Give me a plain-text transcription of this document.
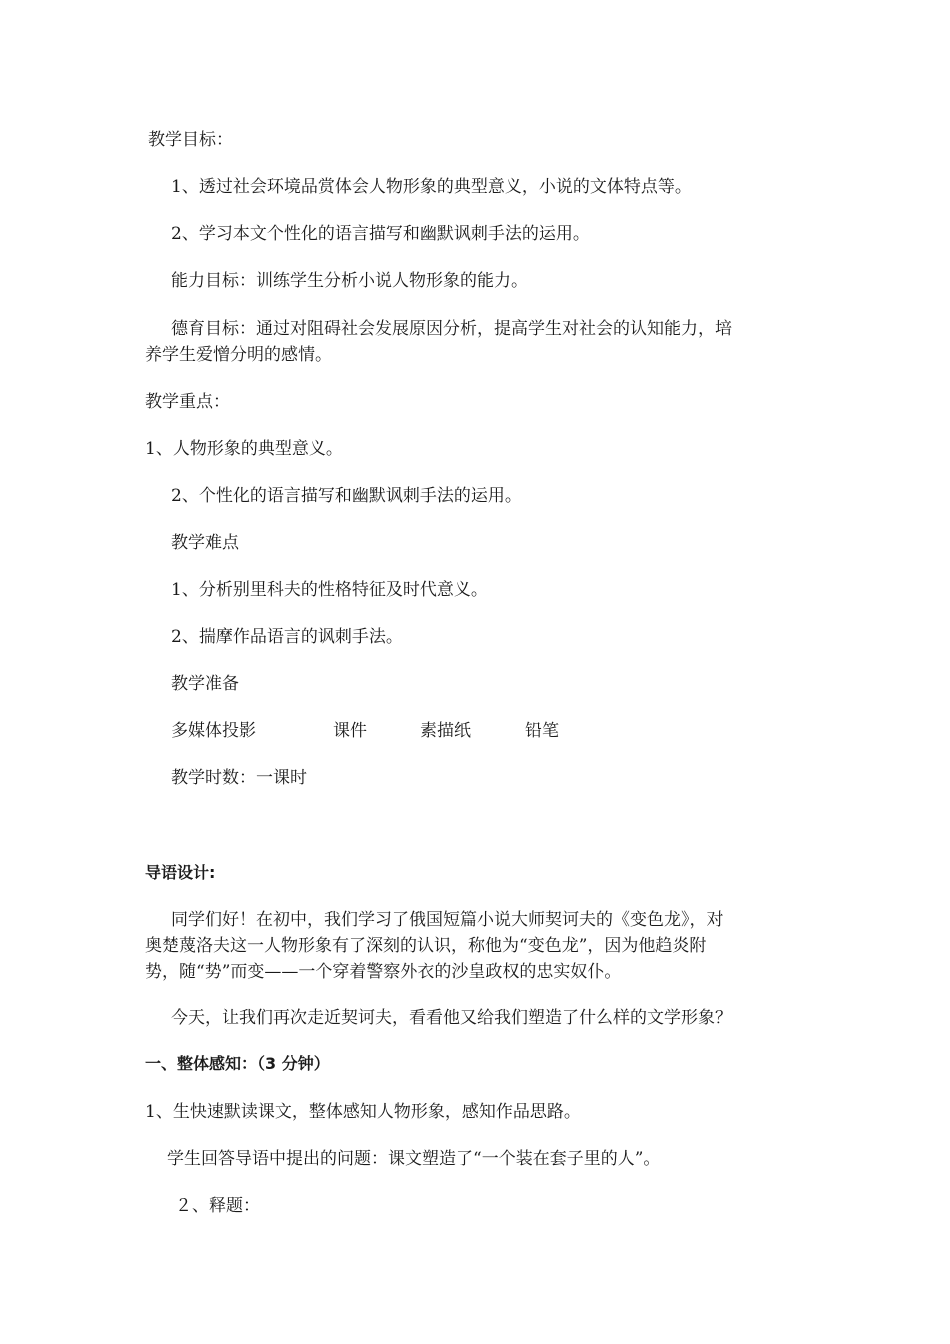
教学目标：
1、透过社会环境品赏体会人物形象的典型意义，小说的文体特点等。
2、学习本文个性化的语言描写和幽默讽刺手法的运用。
能力目标：训练学生分析小说人物形象的能力。
德育目标：通过对阻碍社会发展原因分析，提高学生对社会的认知能力，培
养学生爱憎分明的感情。
教学重点：
1、人物形象的典型意义。
2、个性化的语言描写和幽默讽刺手法的运用。
教学难点
1、分析别里科夫的性格特征及时代意义。
2、揣摩作品语言的讽刺手法。
教学准备
多媒体投影	课件	素描纸	铅笔
教学时数：一课时
导语设计:
同学们好！在初中，我们学习了俄国短篇小说大师契诃夫的《变色龙》，对
奥楚蔑洛夫这一人物形象有了深刻的认识，称他为“变色龙”，因为他趋炎附
势，随“势”而变——一个穿着警察外衣的沙皇政权的忠实奴仆。
今天，让我们再次走近契诃夫，看看他又给我们塑造了什么样的文学形象？
一、整体感知：（3 分钟）
1、生快速默读课文，整体感知人物形象，感知作品思路。
学生回答导语中提出的问题：课文塑造了“一个装在套子里的人”。
２、释题：
